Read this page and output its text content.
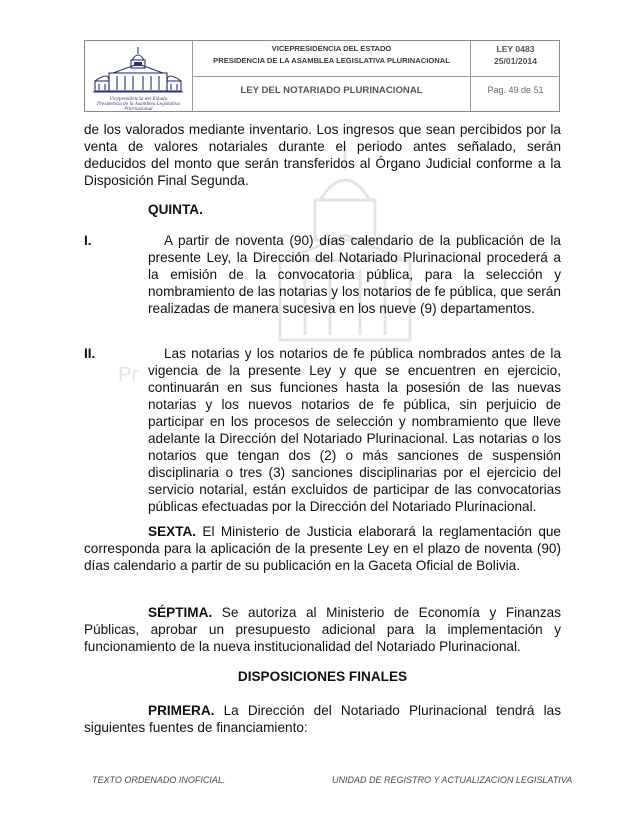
Vicepresidencia del Estado
Presidencia de la Asamblea Legislativa Plurinacional
VICEPRESIDENCIA DEL ESTADO
PRESIDENCIA DE LA ASAMBLEA LEGISLATIVA PLURINACIONAL
LEY 0483
25/01/2014
LEY DEL NOTARIADO PLURINACIONAL	Pag. 49 de 51
Pr
de los valorados mediante inventario. Los ingresos que sean percibidos por la venta de valores notariales durante el periodo antes señalado, serán deducidos del monto que serán transferidos al Órgano Judicial conforme a la Disposición Final Segunda.
QUINTA.
I.	A partir de noventa (90) días calendario de la publicación de la presente Ley, la Dirección del Notariado Plurinacional procederá a la emisión de la convocatoria pública, para la selección y nombramiento de las notarias y los notarios de fe pública, que serán realizadas de manera sucesiva en los nueve (9) departamentos.
II.	Las notarias y los notarios de fe pública nombrados antes de la vigencia de la presente Ley y que se encuentren en ejercicio, continuarán en sus funciones hasta la posesión de las nuevas notarias y los nuevos notarios de fe pública, sin perjuicio de participar en los procesos de selección y nombramiento que lleve adelante la Dirección del Notariado Plurinacional. Las notarias o los notarios que tengan dos (2) o más sanciones de suspensión disciplinaria o tres (3) sanciones disciplinarias por el ejercicio del servicio notarial, están excluidos de participar de las convocatorias públicas efectuadas por la Dirección del Notariado Plurinacional.
SEXTA. El Ministerio de Justicia elaborará la reglamentación que corresponda para la aplicación de la presente Ley en el plazo de noventa (90) días calendario a partir de su publicación en la Gaceta Oficial de Bolivia.
SÉPTIMA. Se autoriza al Ministerio de Economía y Finanzas Públicas, aprobar un presupuesto adicional para la implementación y funcionamiento de la nueva institucionalidad del Notariado Plurinacional.
DISPOSICIONES FINALES
PRIMERA. La Dirección del Notariado Plurinacional tendrá las siguientes fuentes de financiamiento:
TEXTO ORDENADO INOFICIAL.	UNIDAD DE REGISTRO Y ACTUALIZACION LEGISLATIVA
